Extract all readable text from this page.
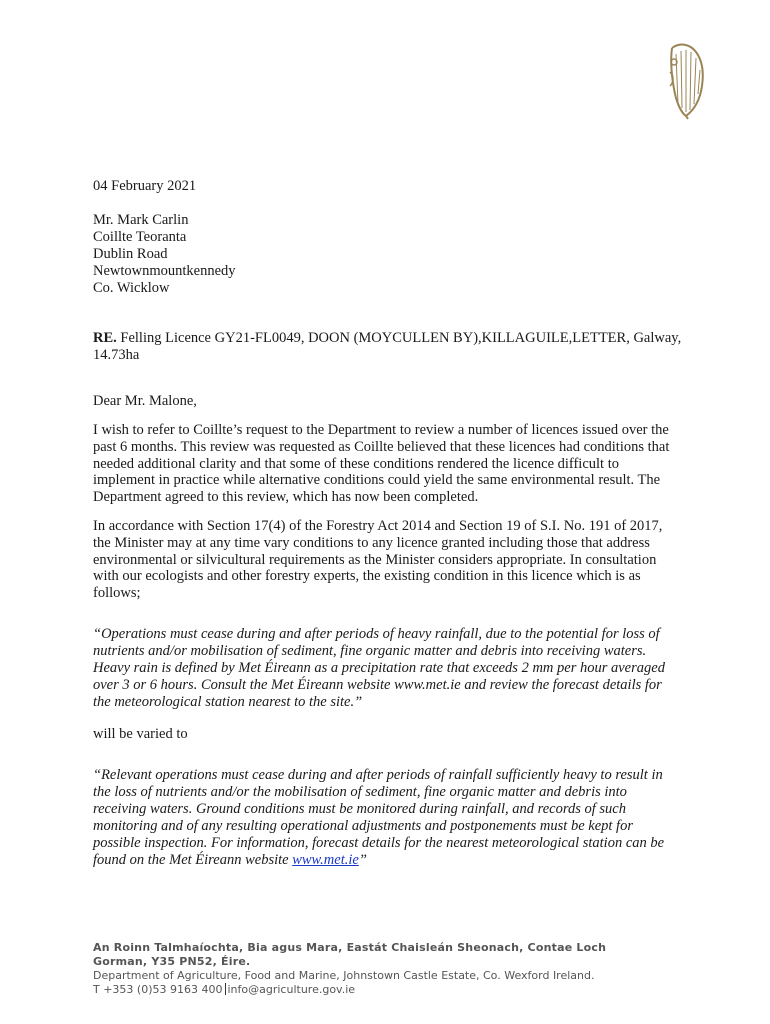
04 February 2021
Mr. Mark Carlin
Coillte Teoranta
Dublin Road
Newtownmountkennedy
Co. Wicklow
RE. Felling Licence GY21-FL0049, DOON (MOYCULLEN BY),KILLAGUILE,LETTER, Galway, 14.73ha
Dear Mr. Malone,
I wish to refer to Coillte’s request to the Department to review a number of licences issued over the past 6 months. This review was requested as Coillte believed that these licences had conditions that needed additional clarity and that some of these conditions rendered the licence difficult to implement in practice while alternative conditions could yield the same environmental result. The Department agreed to this review, which has now been completed.
In accordance with Section 17(4) of the Forestry Act 2014 and Section 19 of S.I. No. 191 of 2017, the Minister may at any time vary conditions to any licence granted including those that address environmental or silvicultural requirements as the Minister considers appropriate. In consultation with our ecologists and other forestry experts, the existing condition in this licence which is as follows;
“Operations must cease during and after periods of heavy rainfall, due to the potential for loss of nutrients and/or mobilisation of sediment, fine organic matter and debris into receiving waters. Heavy rain is defined by Met Éireann as a precipitation rate that exceeds 2 mm per hour averaged over 3 or 6 hours. Consult the Met Éireann website www.met.ie and review the forecast details for the meteorological station nearest to the site.”
will be varied to
“Relevant operations must cease during and after periods of rainfall sufficiently heavy to result in the loss of nutrients and/or the mobilisation of sediment, fine organic matter and debris into receiving waters. Ground conditions must be monitored during rainfall, and records of such monitoring and of any resulting operational adjustments and postponements must be kept for possible inspection. For information, forecast details for the nearest meteorological station can be found on the Met Éireann website www.met.ie”
An Roinn Talmhaíochta, Bia agus Mara, Eastát Chaisleán Sheonach, Contae Loch Gorman, Y35 PN52, Éire.
Department of Agriculture, Food and Marine, Johnstown Castle Estate, Co. Wexford Ireland.
T +353 (0)53 9163 400 info@agriculture.gov.ie
